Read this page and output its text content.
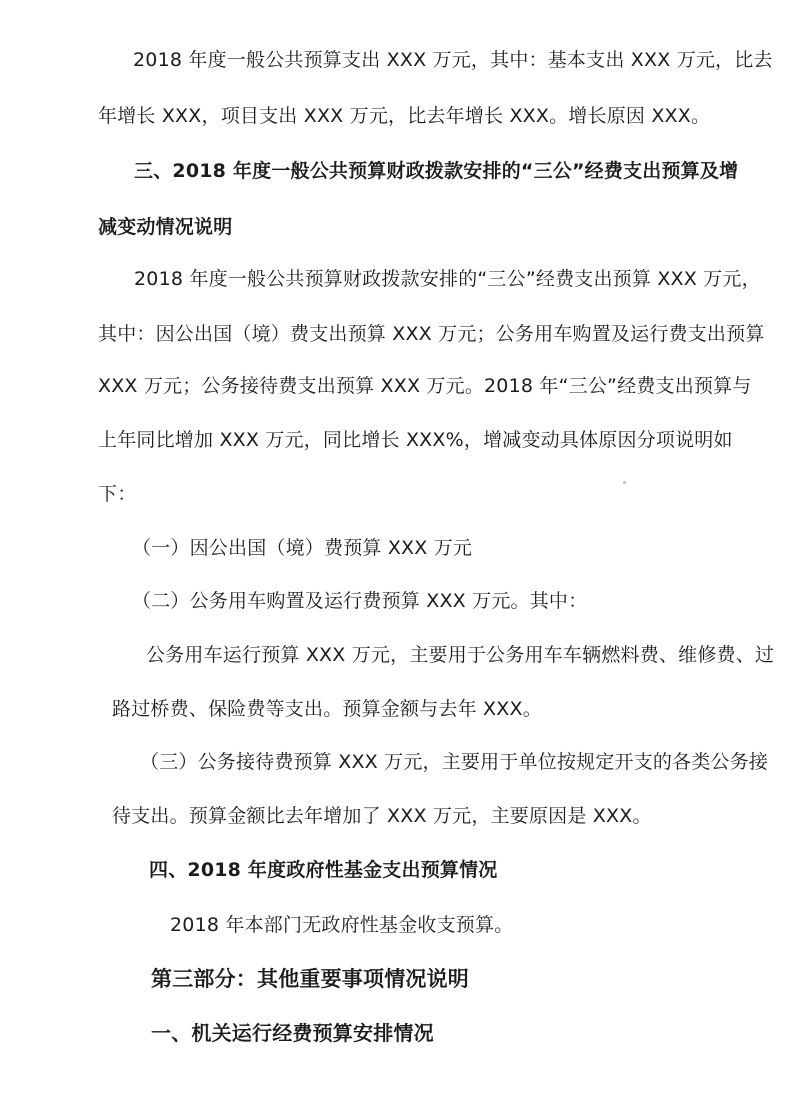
2018 年度一般公共预算支出 XXX 万元，其中：基本支出 XXX 万元，比去
年增长 XXX，项目支出 XXX 万元，比去年增长 XXX。增长原因 XXX。
三、2018 年度一般公共预算财政拨款安排的“三公”经费支出预算及增
减变动情况说明
2018 年度一般公共预算财政拨款安排的“三公”经费支出预算 XXX 万元，
其中：因公出国（境）费支出预算 XXX 万元；公务用车购置及运行费支出预算
XXX 万元；公务接待费支出预算 XXX 万元。2018 年“三公”经费支出预算与
上年同比增加 XXX 万元，同比增长 XXX%，增减变动具体原因分项说明如
下：
（一）因公出国（境）费预算 XXX 万元
（二）公务用车购置及运行费预算 XXX 万元。其中：
公务用车运行预算 XXX 万元，主要用于公务用车车辆燃料费、维修费、过
路过桥费、保险费等支出。预算金额与去年 XXX。
（三）公务接待费预算 XXX 万元，主要用于单位按规定开支的各类公务接
待支出。预算金额比去年增加了 XXX 万元，主要原因是 XXX。
四、2018 年度政府性基金支出预算情况
2018 年本部门无政府性基金收支预算。
第三部分：其他重要事项情况说明
一、机关运行经费预算安排情况
